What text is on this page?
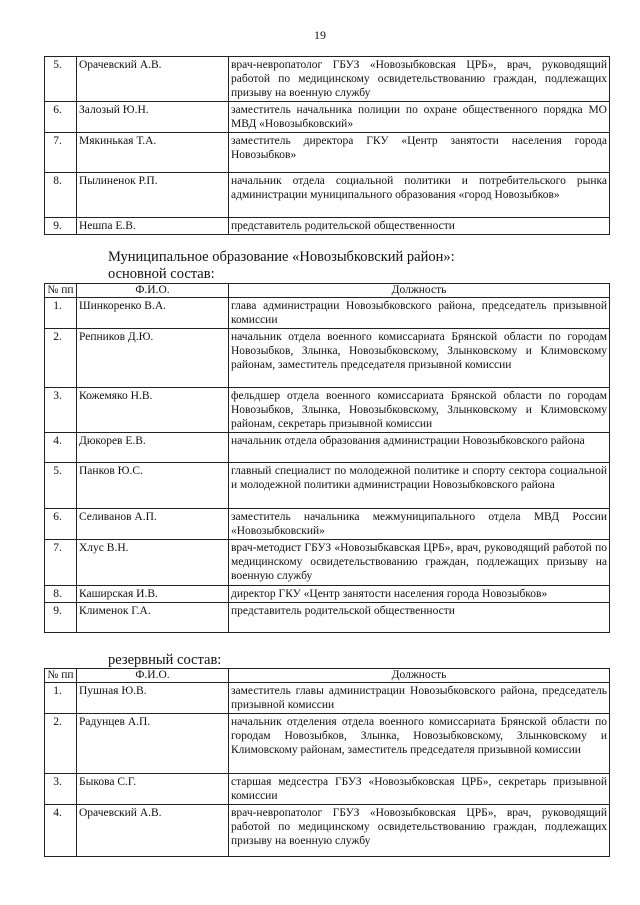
19
5.	Орачевский А.В.	врач-невропатолог ГБУЗ «Новозыбковская ЦРБ», врач, руководящий работой по медицинскому освидетельствованию граждан, подлежащих призыву на военную службу
6.	Залозый Ю.Н.	заместитель начальника полиции по охране общественного порядка МО МВД «Новозыбковский»
7.	Мякинькая Т.А.	заместитель директора ГКУ «Центр занятости населения города Новозыбков»
8.	Пылиненок Р.П.	начальник отдела социальной политики и потребительского рынка администрации муниципального образования «город Новозыбков»
9.	Нешпа Е.В.	представитель родительской общественности
Муниципальное образование «Новозыбковский район»:
основной состав:
№ пп	Ф.И.О.	Должность
1.	Шинкоренко В.А.	глава администрации Новозыбковского района, председатель призывной комиссии
2.	Репников Д.Ю.	начальник отдела военного комиссариата Брянской области по городам Новозыбков, Злынка, Новозыбковскому, Злынковскому и Климовскому районам, заместитель председателя призывной комиссии
3.	Кожемяко Н.В.	фельдшер отдела военного комиссариата Брянской области по городам Новозыбков, Злынка, Новозыбковскому, Злынковскому и Климовскому районам, секретарь призывной комиссии
4.	Дюкорев Е.В.	начальник отдела образования администрации Новозыбковского района
5.	Панков Ю.С.	главный специалист по молодежной политике и спорту сектора социальной и молодежной политики администрации Новозыбковского района
6.	Селиванов А.П.	заместитель начальника межмуниципального отдела МВД России «Новозыбковский»
7.	Хлус В.Н.	врач-методист ГБУЗ «Новозыбкавская ЦРБ», врач, руководящий работой по медицинскому освидетельствованию граждан, подлежащих призыву на военную службу
8.	Каширская И.В.	директор ГКУ «Центр занятости населения города Новозыбков»
9.	Клименок Г.А.	представитель родительской общественности
резервный состав:
№ пп	Ф.И.О.	Должность
1.	Пушная Ю.В.	заместитель главы администрации Новозыбковского района, председатель призывной комиссии
2.	Радунцев А.П.	начальник отделения отдела военного комиссариата Брянской области по городам Новозыбков, Злынка, Новозыбковскому, Злынковскому и Климовскому районам, заместитель председателя призывной комиссии
3.	Быкова С.Г.	старшая медсестра ГБУЗ «Новозыбковская ЦРБ», секретарь призывной комиссии
4.	Орачевский А.В.	врач-невропатолог ГБУЗ «Новозыбковская ЦРБ», врач, руководящий работой по медицинскому освидетельствованию граждан, подлежащих призыву на военную службу
